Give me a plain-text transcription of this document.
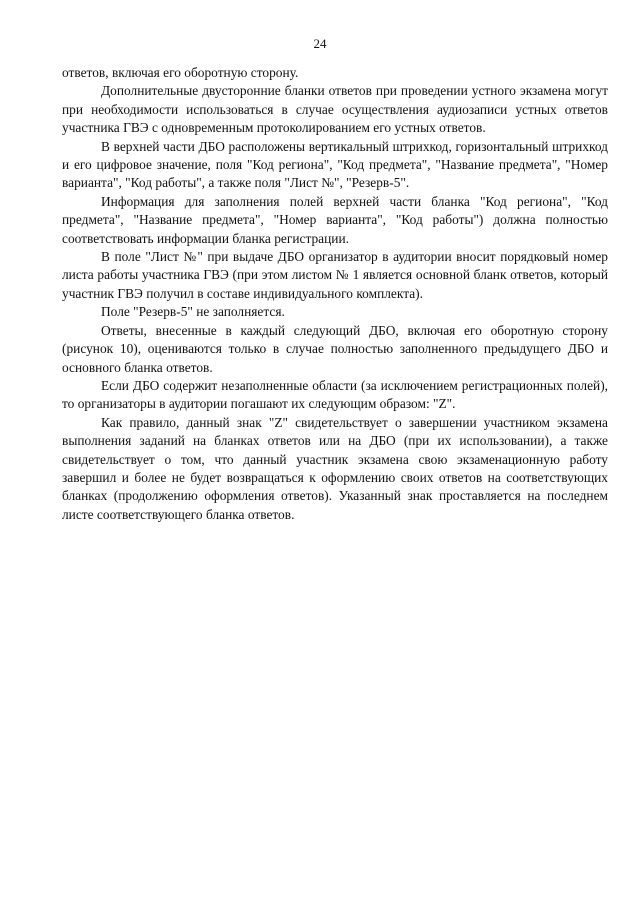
24

ответов, включая его оборотную сторону.

Дополнительные двусторонние бланки ответов при проведении устного экзамена могут при необходимости использоваться в случае осуществления аудиозаписи устных ответов участника ГВЭ с одновременным протоколированием его устных ответов.

В верхней части ДБО расположены вертикальный штрихкод, горизонтальный штрихкод и его цифровое значение, поля "Код региона", "Код предмета", "Название предмета", "Номер варианта", "Код работы", а также поля "Лист №", "Резерв-5".

Информация для заполнения полей верхней части бланка "Код региона", "Код предмета", "Название предмета", "Номер варианта", "Код работы") должна полностью соответствовать информации бланка регистрации.

В поле "Лист №" при выдаче ДБО организатор в аудитории вносит порядковый номер листа работы участника ГВЭ (при этом листом № 1 является основной бланк ответов, который участник ГВЭ получил в составе индивидуального комплекта).

Поле "Резерв-5" не заполняется.

Ответы, внесенные в каждый следующий ДБО, включая его оборотную сторону (рисунок 10), оцениваются только в случае полностью заполненного предыдущего ДБО и основного бланка ответов.

Если ДБО содержит незаполненные области (за исключением регистрационных полей), то организаторы в аудитории погашают их следующим образом: "Z".

Как правило, данный знак "Z" свидетельствует о завершении участником экзамена выполнения заданий на бланках ответов или на ДБО (при их использовании), а также свидетельствует о том, что данный участник экзамена свою экзаменационную работу завершил и более не будет возвращаться к оформлению своих ответов на соответствующих бланках (продолжению оформления ответов). Указанный знак проставляется на последнем листе соответствующего бланка ответов.
